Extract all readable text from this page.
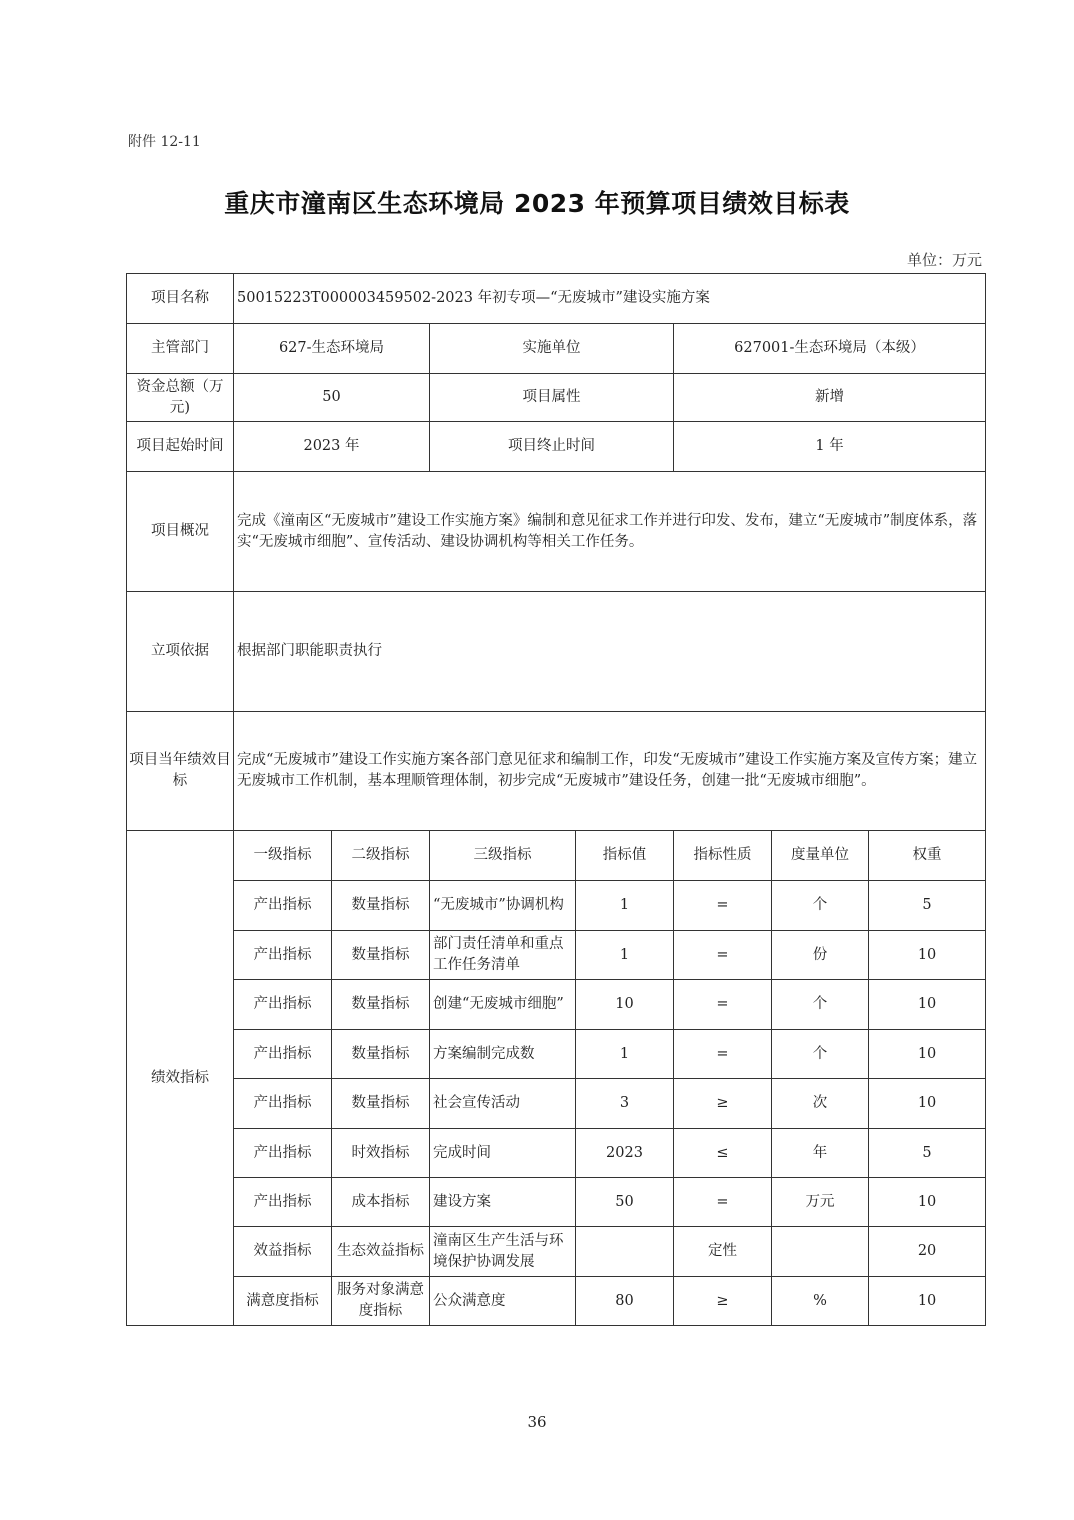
附件 12-11
重庆市潼南区生态环境局 2023 年预算项目绩效目标表
单位：万元
项目名称	50015223T000003459502-2023 年初专项—“无废城市”建设实施方案						
主管部门	627-生态环境局		实施单位		627001-生态环境局（本级）		
资金总额（万元)	50		项目属性		新增		
项目起始时间	2023 年		项目终止时间		1 年		
项目概况	完成《潼南区“无废城市”建设工作实施方案》编制和意见征求工作并进行印发、发布，建立“无废城市”制度体系，落实“无废城市细胞”、宣传活动、建设协调机构等相关工作任务。						
立项依据	根据部门职能职责执行						
项目当年绩效目标	完成“无废城市”建设工作实施方案各部门意见征求和编制工作，印发“无废城市”建设工作实施方案及宣传方案；建立无废城市工作机制，基本理顺管理体制，初步完成“无废城市”建设任务，创建一批“无废城市细胞”。						
绩效指标	一级指标	二级指标	三级指标	指标值	指标性质	度量单位	权重
	产出指标	数量指标	“无废城市”协调机构	1	=	个	5
	产出指标	数量指标	部门责任清单和重点工作任务清单	1	=	份	10
	产出指标	数量指标	创建“无废城市细胞”	10	=	个	10
	产出指标	数量指标	方案编制完成数	1	=	个	10
	产出指标	数量指标	社会宣传活动	3	≥	次	10
	产出指标	时效指标	完成时间	2023	≤	年	5
	产出指标	成本指标	建设方案	50	=	万元	10
	效益指标	生态效益指标	潼南区生产生活与环境保护协调发展		定性		20
	满意度指标	服务对象满意度指标	公众满意度	80	≥	%	10
36
